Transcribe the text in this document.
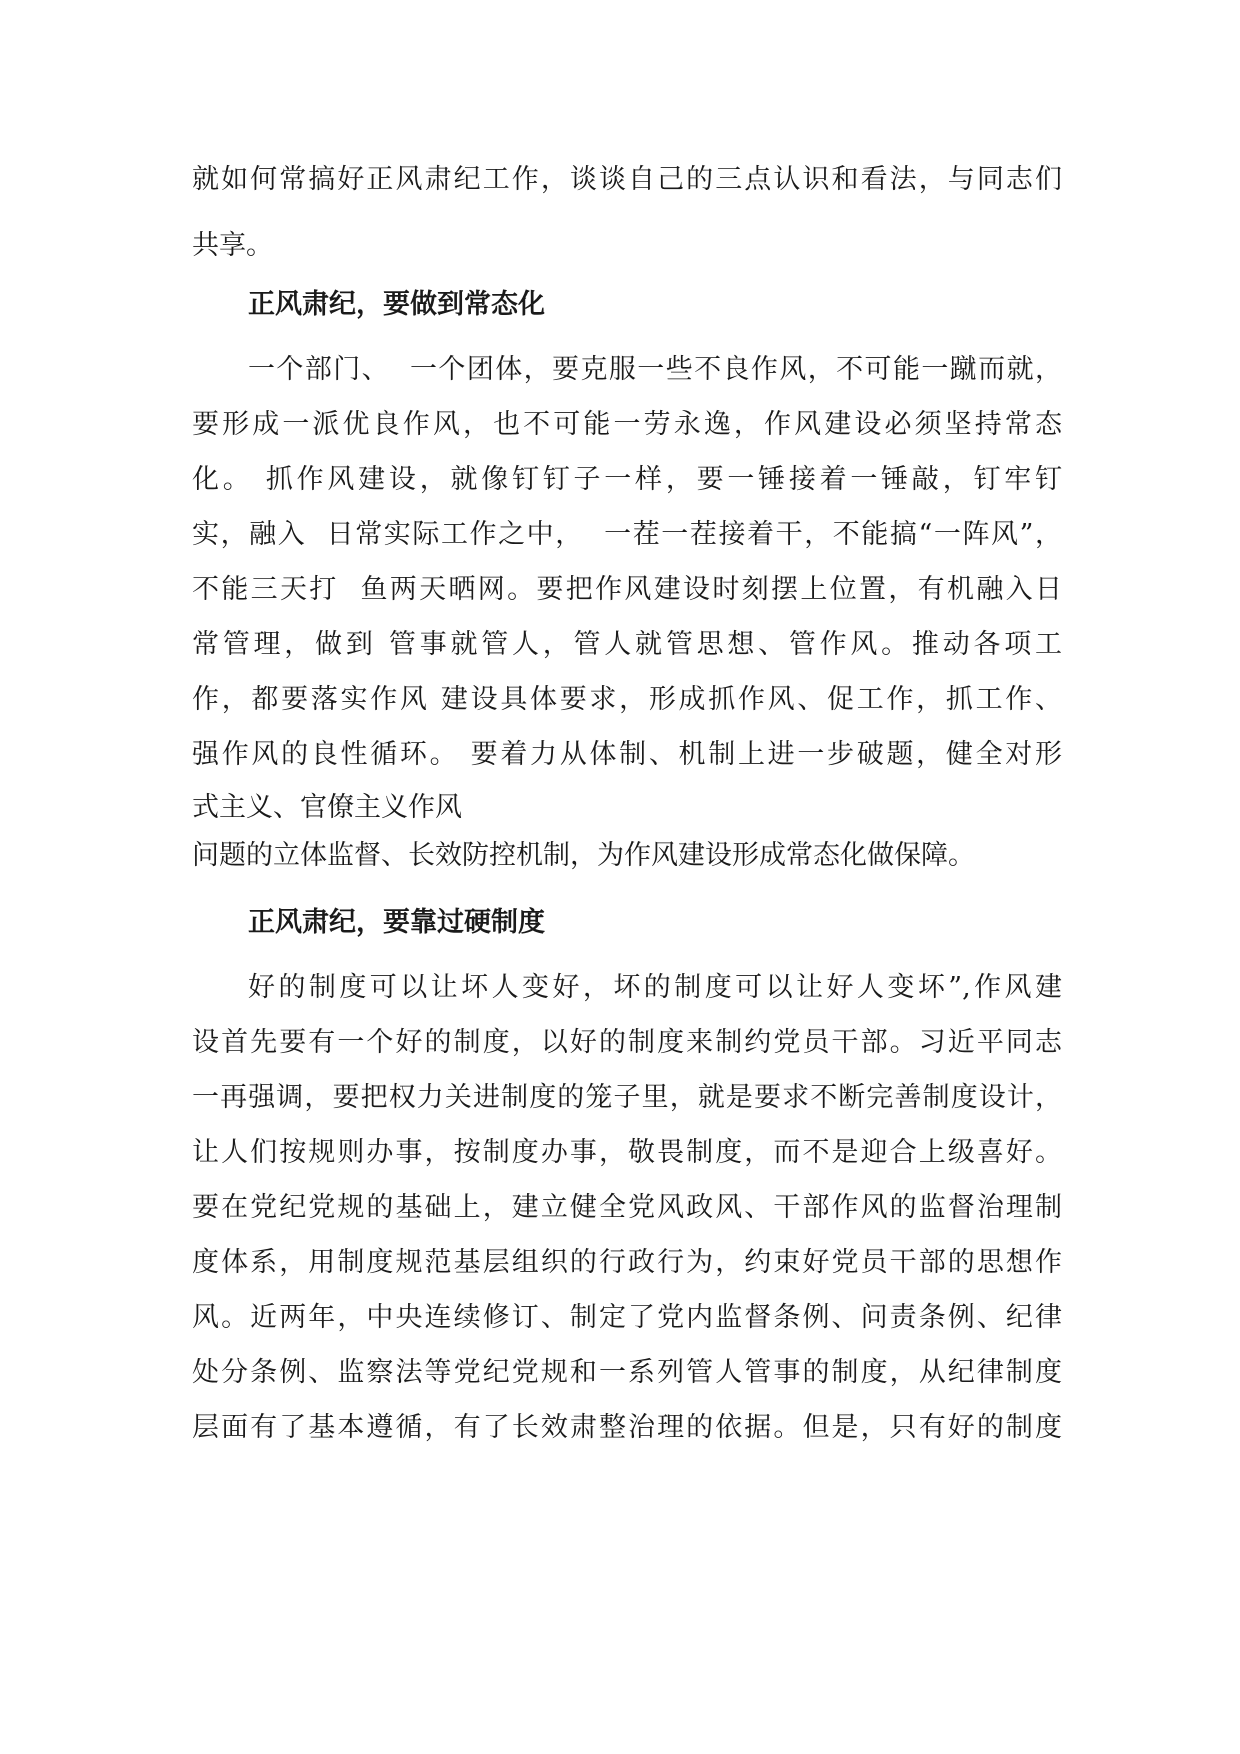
就如何常搞好正风肃纪工作，谈谈自己的三点认识和看法，与同志们

共享。

正风肃纪，要做到常态化

一个部门、  一个团体，要克服一些不良作风，不可能一蹴而就，

要形成一派优良作风，也不可能一劳永逸，作风建设必须坚持常态

化。 抓作风建设，就像钉钉子一样，要一锤接着一锤敲，钉牢钉

实，融入  日常实际工作之中，  一茬一茬接着干，不能搞“一阵风”，

不能三天打  鱼两天晒网。要把作风建设时刻摆上位置，有机融入日

常管理，做到 管事就管人，管人就管思想、管作风。推动各项工

作，都要落实作风 建设具体要求，形成抓作风、促工作，抓工作、

强作风的良性循环。 要着力从体制、机制上进一步破题，健全对形

式主义、官僚主义作风

问题的立体监督、长效防控机制，为作风建设形成常态化做保障。

正风肃纪，要靠过硬制度

好的制度可以让坏人变好，坏的制度可以让好人变坏”,作风建

设首先要有一个好的制度，以好的制度来制约党员干部。习近平同志

一再强调，要把权力关进制度的笼子里，就是要求不断完善制度设计，

让人们按规则办事，按制度办事，敬畏制度，而不是迎合上级喜好。

要在党纪党规的基础上，建立健全党风政风、干部作风的监督治理制

度体系，用制度规范基层组织的行政行为，约束好党员干部的思想作

风。近两年，中央连续修订、制定了党内监督条例、问责条例、纪律

处分条例、监察法等党纪党规和一系列管人管事的制度，从纪律制度

层面有了基本遵循，有了长效肃整治理的依据。但是，只有好的制度
